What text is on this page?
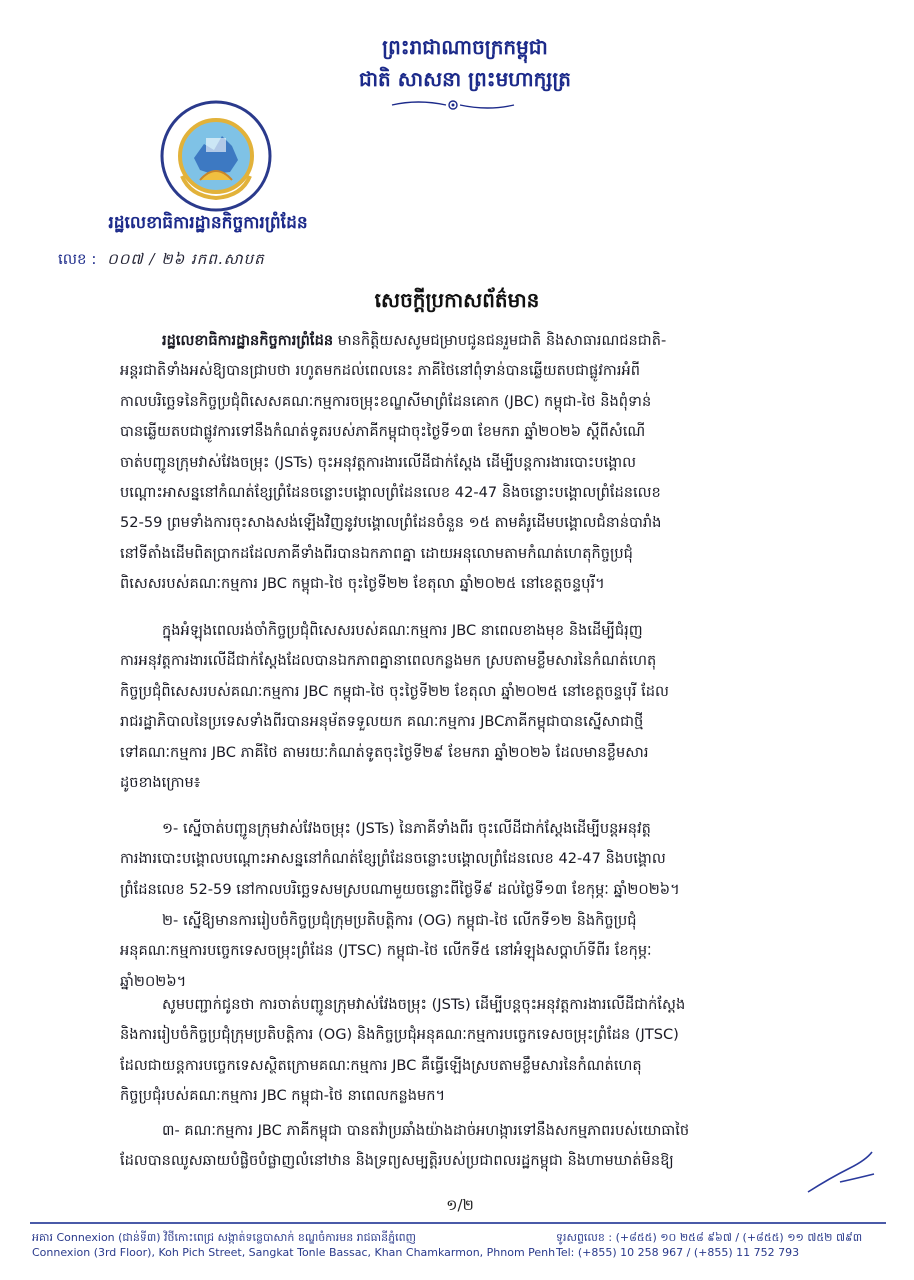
ព្រះរាជាណាចក្រកម្ពុជា
ជាតិ សាសនា ព្រះមហាក្សត្រ
រដ្ឋលេខាធិការដ្ឋានកិច្ចការព្រំដែន
លេខ : ០០៧ / ២៦ រកព.សាបត
សេចក្តីប្រកាសព័ត៌មាន
រដ្ឋលេខាធិការដ្ឋានកិច្ចការព្រំដែន មានកិត្តិយសសូមជម្រាបជូនជនរួមជាតិ និងសាធារណជនជាតិ-
អន្តរជាតិទាំងអស់ឱ្យបានជ្រាបថា រហូតមកដល់ពេលនេះ ភាគីថៃនៅពុំទាន់បានឆ្លើយតបជាផ្លូវការអំពី
កាលបរិច្ឆេទនៃកិច្ចប្រជុំពិសេសគណៈកម្មការចម្រុះខណ្ឌសីមាព្រំដែនគោក (JBC) កម្ពុជា-ថៃ និងពុំទាន់
បានឆ្លើយតបជាផ្លូវការទៅនឹងកំណត់ទូតរបស់ភាគីកម្ពុជាចុះថ្ងៃទី១៣ ខែមករា ឆ្នាំ២០២៦ ស្តីពីសំណើ
ចាត់បញ្ជូនក្រុមវាស់វែងចម្រុះ (JSTs) ចុះអនុវត្តការងារលើដីជាក់ស្តែង ដើម្បីបន្តការងារបោះបង្គោល
បណ្តោះអាសន្ននៅកំណត់ខ្សែព្រំដែនចន្លោះបង្គោលព្រំដែនលេខ 42-47 និងចន្លោះបង្គោលព្រំដែនលេខ
52-59 ព្រមទាំងការចុះសាងសង់ឡើងវិញនូវបង្គោលព្រំដែនចំនួន ១៥ តាមគំរូដើមបង្គោលជំនាន់បារាំង
នៅទីតាំងដើមពិតប្រាកដដែលភាគីទាំងពីរបានឯកភាពគ្នា ដោយអនុលោមតាមកំណត់ហេតុកិច្ចប្រជុំ
ពិសេសរបស់គណៈកម្មការ JBC កម្ពុជា-ថៃ ចុះថ្ងៃទី២២ ខែតុលា ឆ្នាំ២០២៥ នៅខេត្តចន្ទបុរី។
ក្នុងអំឡុងពេលរង់ចាំកិច្ចប្រជុំពិសេសរបស់គណៈកម្មការ JBC នាពេលខាងមុខ និងដើម្បីជំរុញ
ការអនុវត្តការងារលើដីជាក់ស្តែងដែលបានឯកភាពគ្នានាពេលកន្លងមក ស្របតាមខ្លឹមសារនៃកំណត់ហេតុ
កិច្ចប្រជុំពិសេសរបស់គណៈកម្មការ JBC កម្ពុជា-ថៃ ចុះថ្ងៃទី២២ ខែតុលា ឆ្នាំ២០២៥ នៅខេត្តចន្ទបុរី ដែល
រាជរដ្ឋាភិបាលនៃប្រទេសទាំងពីរបានអនុម័តទទួលយក គណៈកម្មការ JBCភាគីកម្ពុជាបានស្នើសាជាថ្មី
ទៅគណៈកម្មការ JBC ភាគីថៃ តាមរយៈកំណត់ទូតចុះថ្ងៃទី២៩ ខែមករា ឆ្នាំ២០២៦ ដែលមានខ្លឹមសារ
ដូចខាងក្រោម៖
១- ស្នើចាត់បញ្ជូនក្រុមវាស់វែងចម្រុះ (JSTs) នៃភាគីទាំងពីរ ចុះលើដីជាក់ស្តែងដើម្បីបន្តអនុវត្ត
ការងារបោះបង្គោលបណ្តោះអាសន្ននៅកំណត់ខ្សែព្រំដែនចន្លោះបង្គោលព្រំដែនលេខ 42-47 និងបង្គោល
ព្រំដែនលេខ 52-59 នៅកាលបរិច្ឆេទសមស្របណាមួយចន្លោះពីថ្ងៃទី៩ ដល់ថ្ងៃទី១៣ ខែកុម្ភៈ ឆ្នាំ២០២៦។
២- ស្នើឱ្យមានការរៀបចំកិច្ចប្រជុំក្រុមប្រតិបត្តិការ (OG) កម្ពុជា-ថៃ លើកទី១២ និងកិច្ចប្រជុំ
អនុគណៈកម្មការបច្ចេកទេសចម្រុះព្រំដែន (JTSC) កម្ពុជា-ថៃ លើកទី៥ នៅអំឡុងសប្តាហ៍ទីពីរ ខែកុម្ភៈ
ឆ្នាំ២០២៦។
សូមបញ្ជាក់ជូនថា ការចាត់បញ្ជូនក្រុមវាស់វែងចម្រុះ (JSTs) ដើម្បីបន្តចុះអនុវត្តការងារលើដីជាក់ស្តែង
និងការរៀបចំកិច្ចប្រជុំក្រុមប្រតិបត្តិការ (OG) និងកិច្ចប្រជុំអនុគណៈកម្មការបច្ចេកទេសចម្រុះព្រំដែន (JTSC)
ដែលជាយន្តការបច្ចេកទេសស្ថិតក្រោមគណៈកម្មការ JBC គឺធ្វើឡើងស្របតាមខ្លឹមសារនៃកំណត់ហេតុ
កិច្ចប្រជុំរបស់គណៈកម្មការ JBC កម្ពុជា-ថៃ នាពេលកន្លងមក។
៣- គណៈកម្មការ JBC ភាគីកម្ពុជា បានតវ៉ាប្រឆាំងយ៉ាងដាច់អហង្ការទៅនឹងសកម្មភាពរបស់យោធាថៃ
ដែលបានឈូសឆាយបំផ្លិចបំផ្លាញលំនៅឋាន និងទ្រព្យសម្បត្តិរបស់ប្រជាពលរដ្ឋកម្ពុជា និងហាមឃាត់មិនឱ្យ
១/២
អគារ Connexion (ជាន់ទី៣) វិថីកោះពេជ្រ សង្កាត់ទន្លេបាសាក់ ខណ្ឌចំការមន រាជធានីភ្នំពេញ
Connexion (3rd Floor), Koh Pich Street, Sangkat Tonle Bassac, Khan Chamkarmon, Phnom Penh
ទូរសព្ទលេខ : (+៨៥៥) ១០ ២៥៨ ៩៦៧ / (+៨៥៥) ១១ ៧៥២ ៧៩៣
Tel: (+855) 10 258 967 / (+855) 11 752 793
